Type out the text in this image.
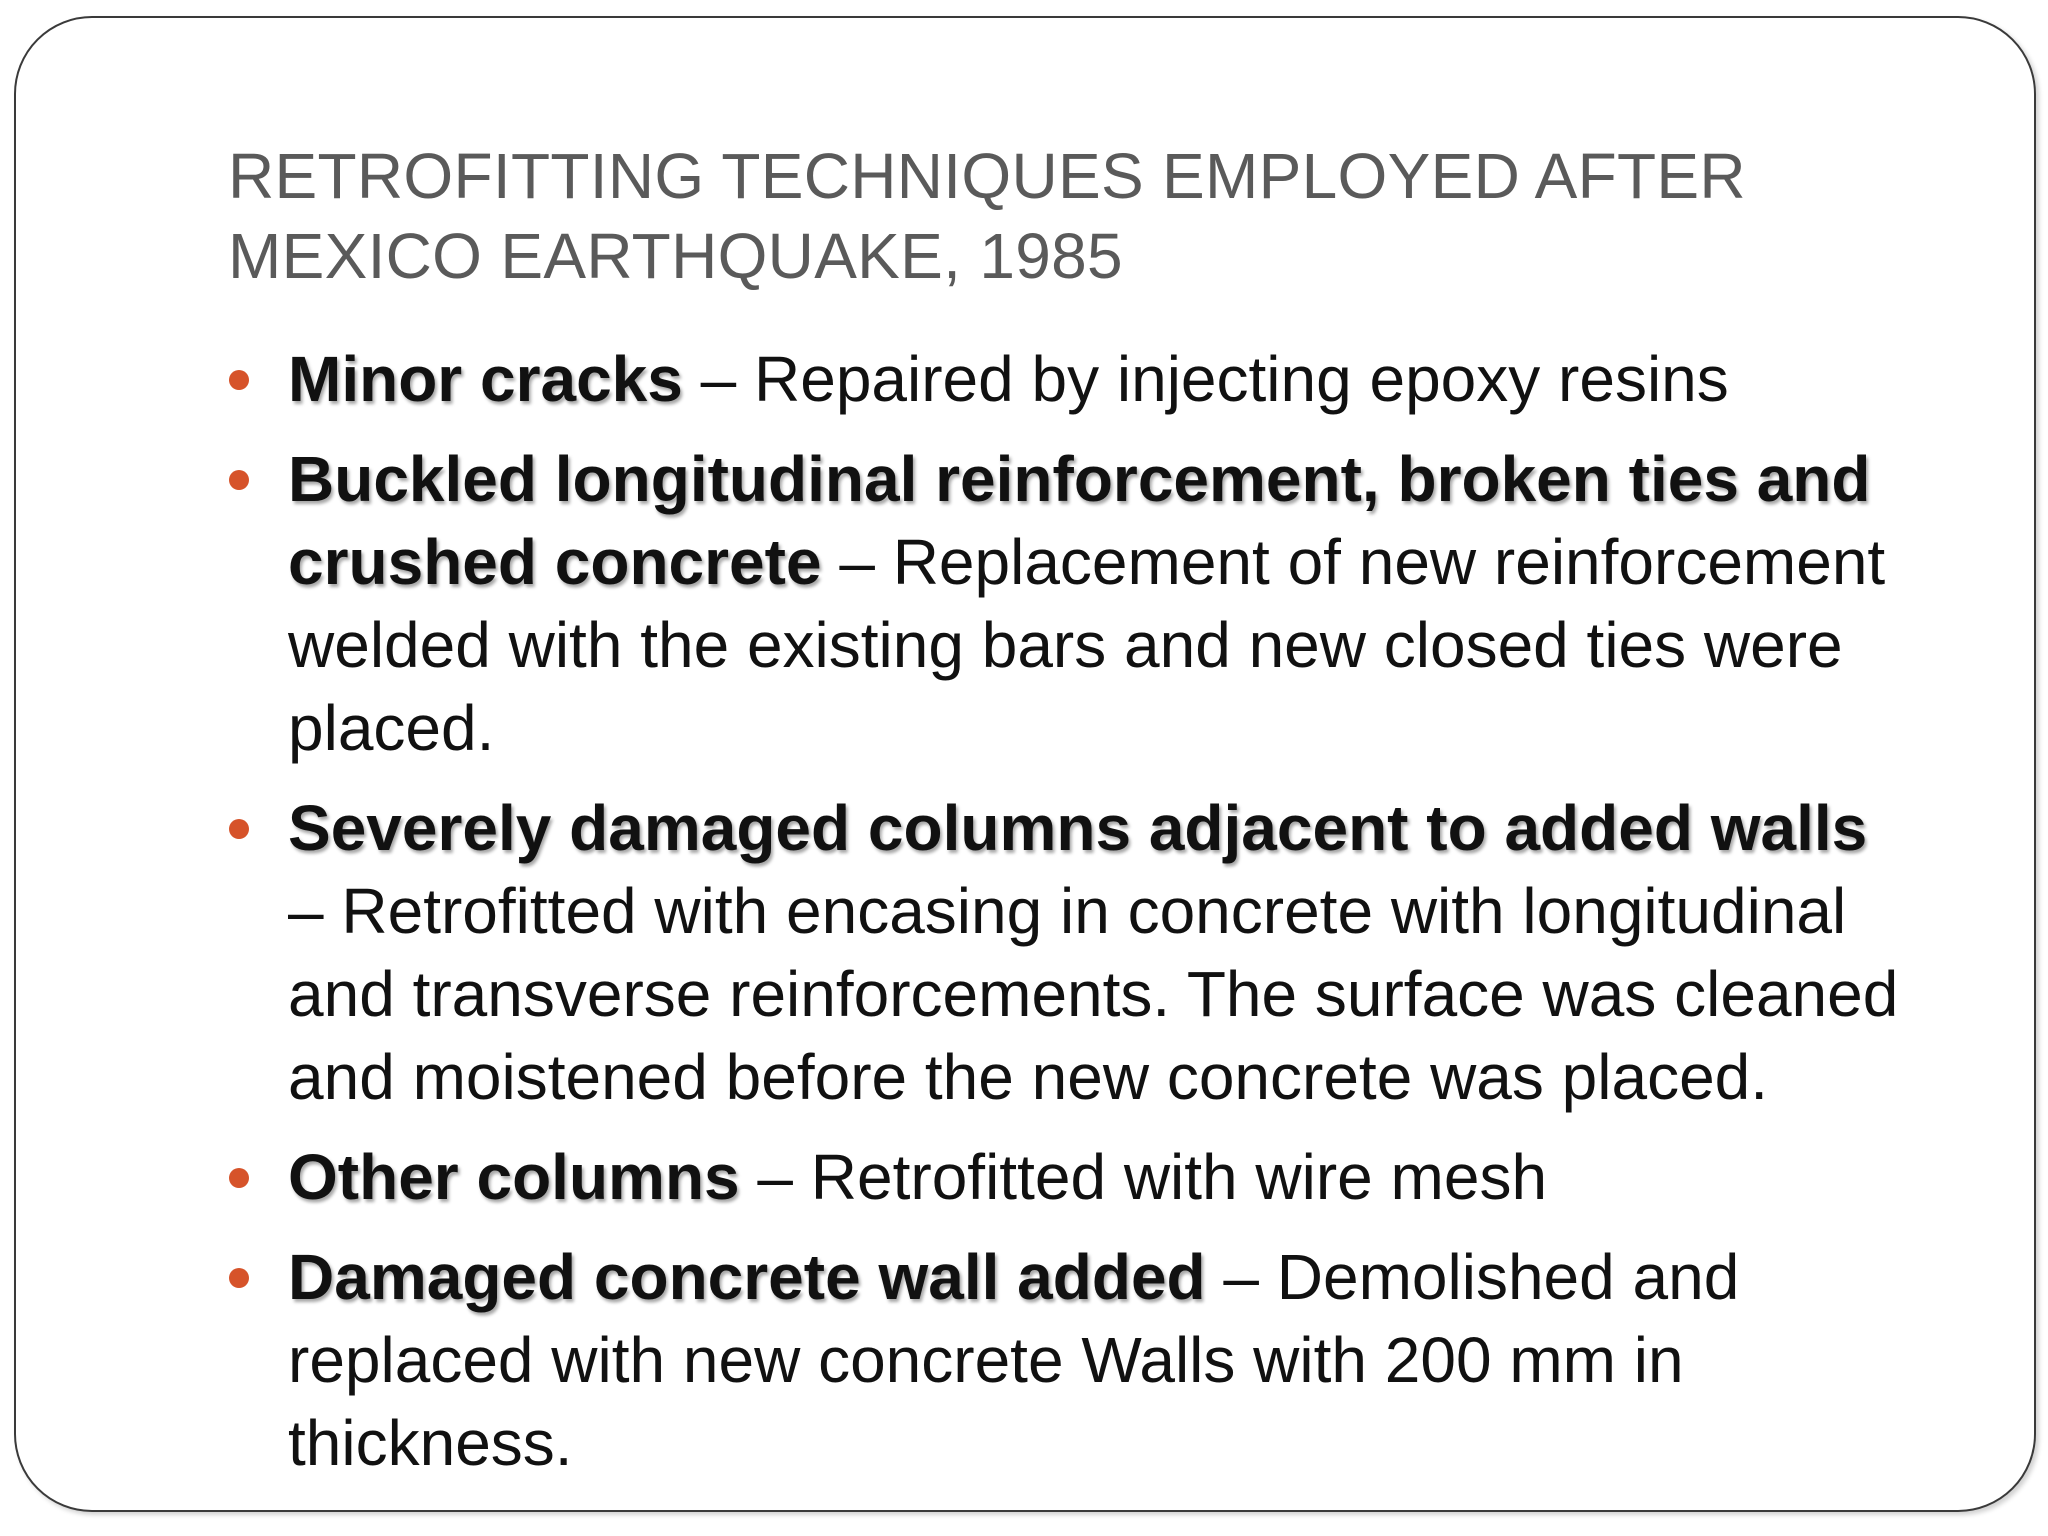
RETROFITTING TECHNIQUES EMPLOYED AFTER
MEXICO EARTHQUAKE, 1985
Minor cracks – Repaired by injecting epoxy resins
Buckled longitudinal reinforcement, broken ties and crushed concrete – Replacement of new reinforcement welded with the existing bars and new closed ties were placed.
Severely damaged columns adjacent to added walls – Retrofitted with encasing in concrete with longitudinal and transverse reinforcements. The surface was cleaned and moistened before the new concrete was placed.
Other columns – Retrofitted with wire mesh
Damaged concrete wall added – Demolished and replaced with new concrete Walls with 200 mm in thickness.
